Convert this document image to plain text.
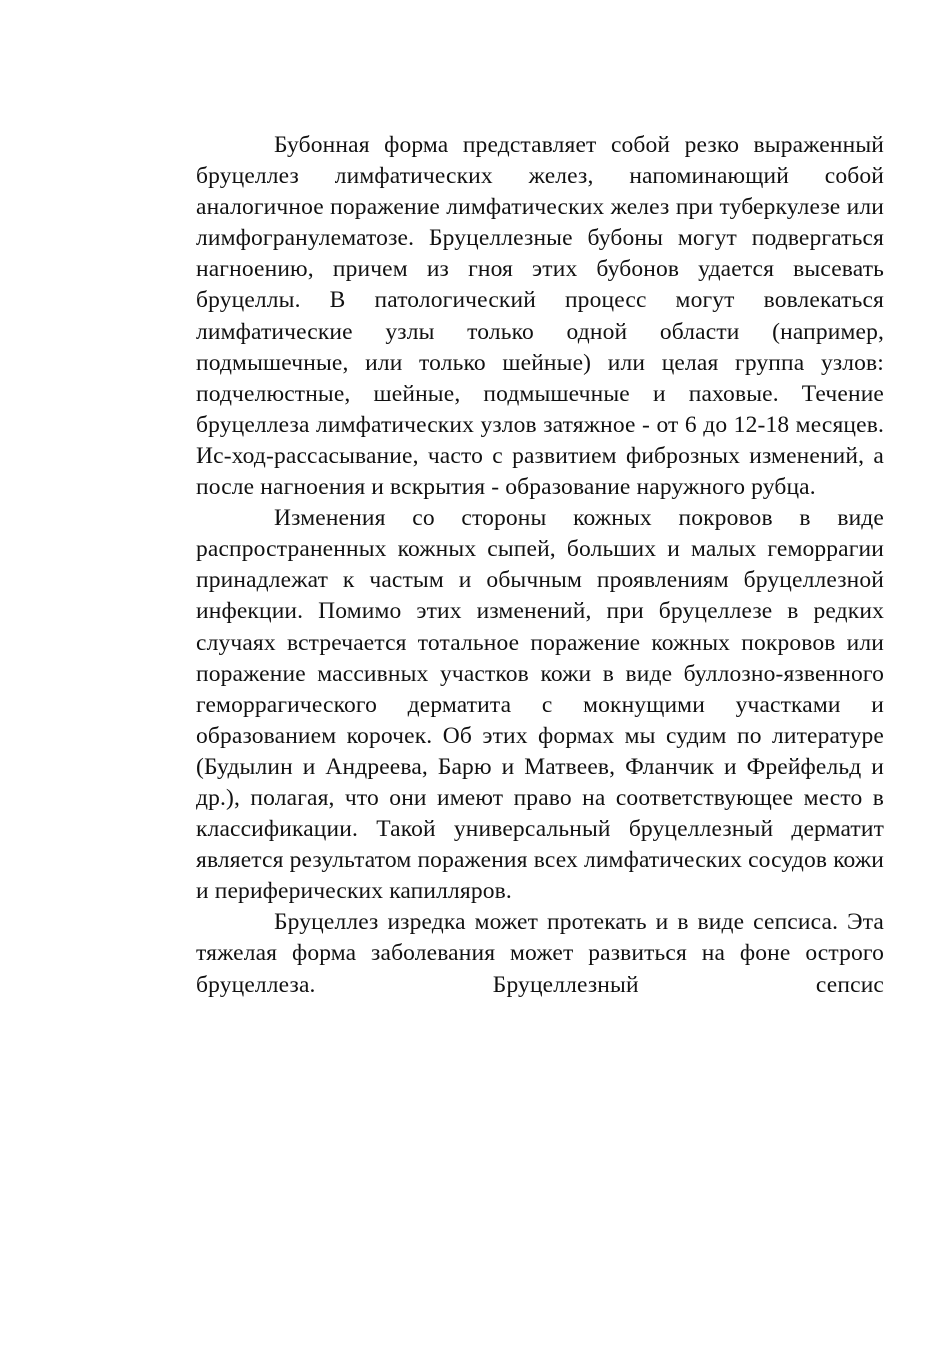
Бубонная форма представляет собой резко выраженный бруцеллез лимфатических желез, напоминающий собой аналогичное поражение лимфатических желез при туберкулезе или лимфогранулематозе. Бруцеллезные бубоны могут подвергаться нагноению, причем из гноя этих бубонов удается высевать бруцеллы. В патологический процесс могут вовлекаться лимфатические узлы только одной области (например, подмышечные, или только шейные) или целая группа узлов: подчелюстные, шейные, подмышечные и паховые. Течение бруцеллеза лимфатических узлов затяжное - от 6 до 12-18 месяцев. Ис-ход-рассасывание, часто с развитием фиброзных изменений, а после нагноения и вскрытия - образование наружного рубца.

Изменения со стороны кожных покровов в виде распространенных кожных сыпей, больших и малых геморрагии принадлежат к частым и обычным проявлениям бруцеллезной инфекции. Помимо этих изменений, при бруцеллезе в редких случаях встречается тотальное поражение кожных покровов или поражение массивных участков кожи в виде буллозно-язвенного геморрагического дерматита с мокнущими участками и образованием корочек. Об этих формах мы судим по литературе (Будылин и Андреева, Барю и Матвеев, Фланчик и Фрейфельд и др.), полагая, что они имеют право на соответствующее место в классификации. Такой универсальный бруцеллезный дерматит является результатом поражения всех лимфатических сосудов кожи и периферических капилляров.

Бруцеллез изредка может протекать и в виде сепсиса. Эта тяжелая форма заболевания может развиться на фоне острого бруцеллеза. Бруцеллезный сепсис
